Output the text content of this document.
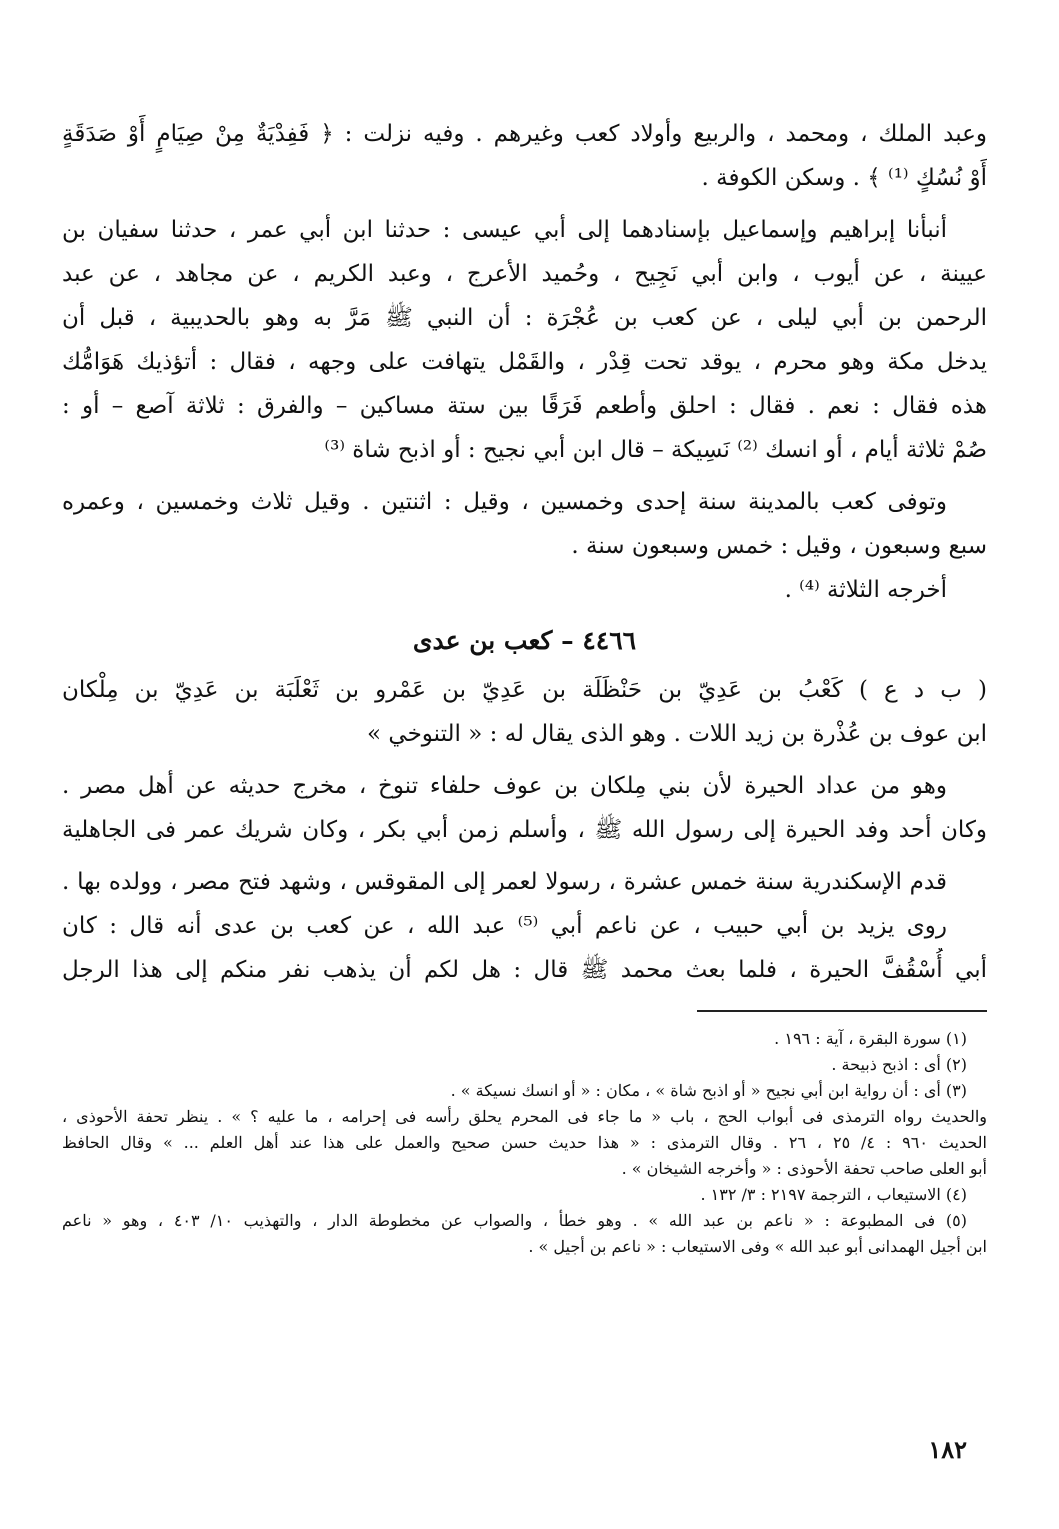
وعبد الملك ، ومحمد ، والربيع وأولاد كعب وغيرهم . وفيه نزلت : ﴿ فَفِدْيَةٌ مِنْ صِيَامٍ أَوْ صَدَقَةٍ
أَوْ نُسُكٍ ⁽¹⁾ ﴾ . وسكن الكوفة .
أنبأنا إبراهيم وإسماعيل بإسنادهما إلى أبي عيسى : حدثنا ابن أبي عمر ، حدثنا سفيان بن
عيينة ، عن أيوب ، وابن أبي نَجِيح ، وحُميد الأعرج ، وعبد الكريم ، عن مجاهد ، عن عبد
الرحمن بن أبي ليلى ، عن كعب بن عُجْرَة : أن النبي ﷺ مَرَّ به وهو بالحديبية ، قبل أن
يدخل مكة وهو محرم ، يوقد تحت قِدْر ، والقَمْل يتهافت على وجهه ، فقال : أتؤذيك هَوَامُّك
هذه فقال : نعم . فقال : احلق وأطعم فَرَقًا بين ستة مساكين – والفرق : ثلاثة آصع – أو :
صُمْ ثلاثة أيام ، أو انسك ⁽²⁾ نَسِيكة – قال ابن أبي نجيح : أو اذبح شاة ⁽³⁾
وتوفى كعب بالمدينة سنة إحدى وخمسين ، وقيل : اثنتين . وقيل ثلاث وخمسين ، وعمره
سبع وسبعون ، وقيل : خمس وسبعون سنة .
أخرجه الثلاثة ⁽⁴⁾ .
٤٤٦٦ – كعب بن عدى
( ب د ع ) كَعْبُ بن عَدِيّ بن حَنْظَلَة بن عَدِيّ بن عَمْرو بن ثَعْلَبَة بن عَدِيّ بن مِلْكان
ابن عوف بن عُذْرة بن زيد اللات . وهو الذى يقال له : « التنوخي »
وهو من عداد الحيرة لأن بني مِلكان بن عوف حلفاء تنوخ ، مخرج حديثه عن أهل مصر .
وكان أحد وفد الحيرة إلى رسول الله ﷺ ، وأسلم زمن أبي بكر ، وكان شريك عمر فى الجاهلية
قدم الإسكندرية سنة خمس عشرة ، رسولا لعمر إلى المقوقس ، وشهد فتح مصر ، وولده بها .
روى يزيد بن أبي حبيب ، عن ناعم أبي ⁽⁵⁾ عبد الله ، عن كعب بن عدى أنه قال : كان
أبي أُسْقُفَّ الحيرة ، فلما بعث محمد ﷺ قال : هل لكم أن يذهب نفر منكم إلى هذا الرجل
(١) سورة البقرة ، آية : ١٩٦ .
(٢) أى : اذبح ذبيحة .
(٣) أى : أن رواية ابن أبي نجيح « أو اذبح شاة » ، مكان : « أو انسك نسيكة » .
والحديث رواه الترمذى فى أبواب الحج ، باب « ما جاء فى المحرم يحلق رأسه فى إحرامه ، ما عليه ؟ » . ينظر تحفة الأحوذى ،
الحديث ٩٦٠ : ٤/ ٢٥ ، ٢٦ . وقال الترمذى : « هذا حديث حسن صحيح والعمل على هذا عند أهل العلم ... » وقال الحافظ
أبو العلى صاحب تحفة الأحوذى : « وأخرجه الشيخان » .
(٤) الاستيعاب ، الترجمة ٢١٩٧ : ٣/ ١٣٢ .
(٥) فى المطبوعة : « ناعم بن عبد الله » . وهو خطأ ، والصواب عن مخطوطة الدار ، والتهذيب ١٠/ ٤٠٣ ، وهو « ناعم
ابن أجيل الهمدانى أبو عبد الله » وفى الاستيعاب : « ناعم بن أجيل » .
١٨٢
